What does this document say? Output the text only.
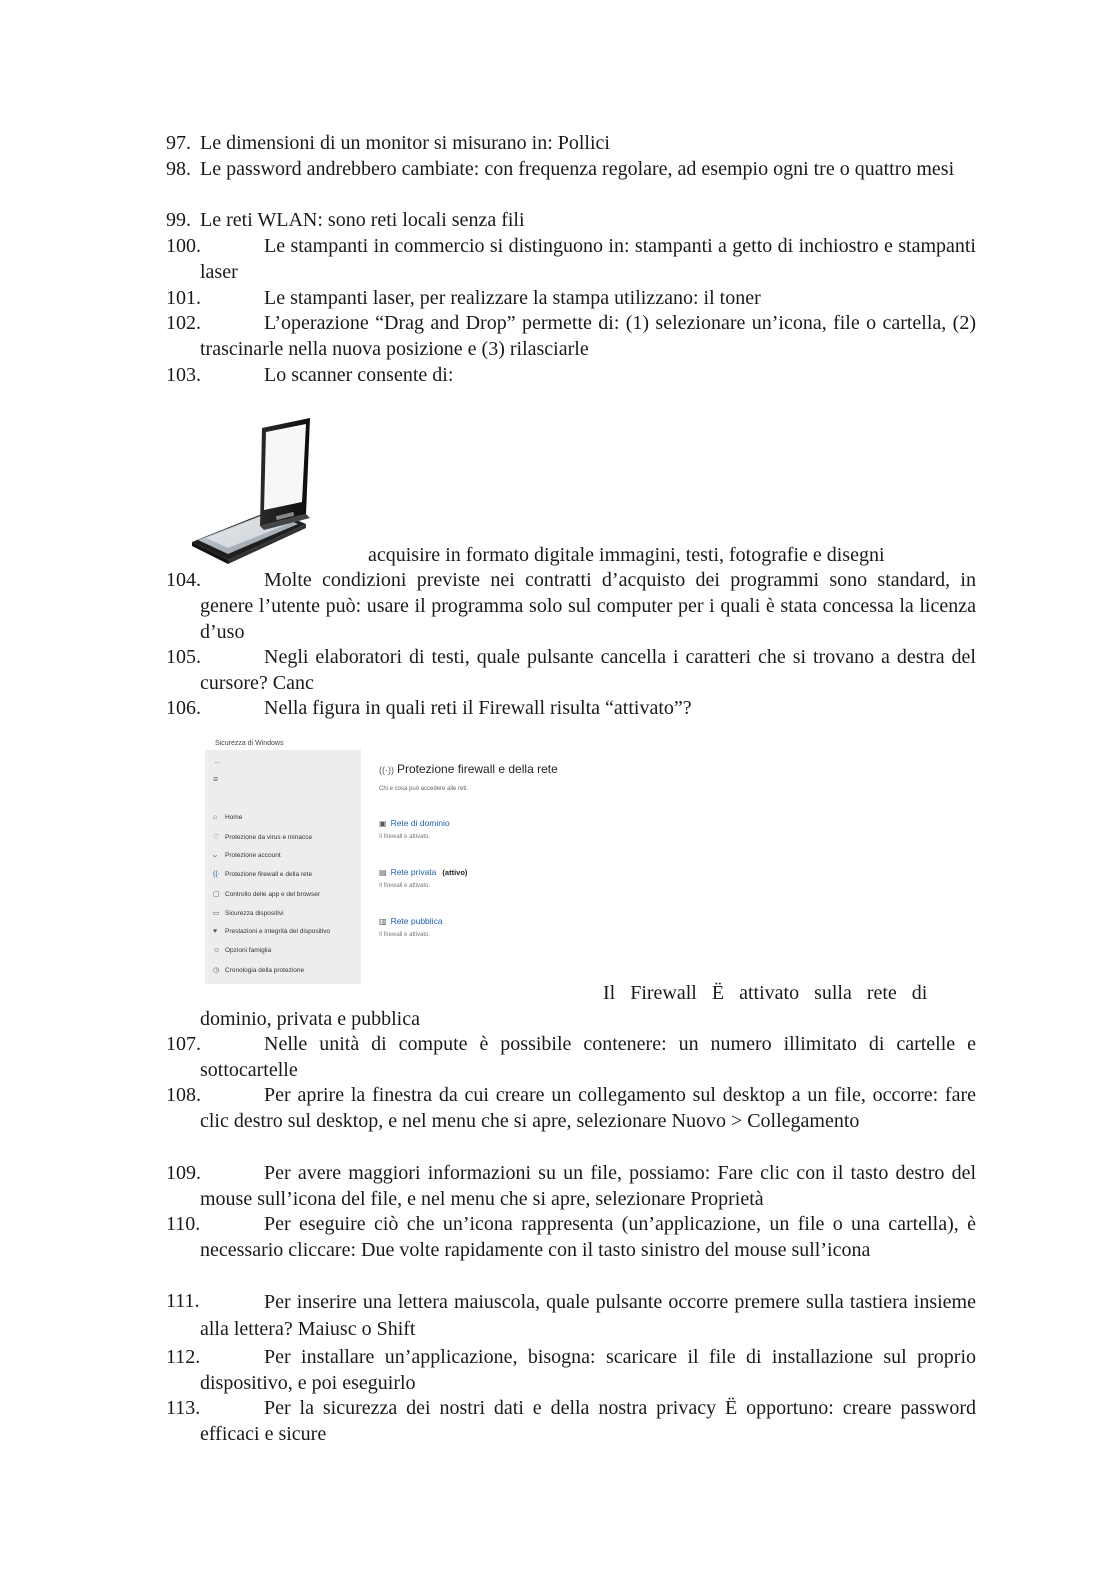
97. Le dimensioni di un monitor si misurano in: Pollici
98. Le password andrebbero cambiate: con frequenza regolare, ad esempio ogni tre o quattro mesi
99. Le reti WLAN: sono reti locali senza fili
100.	Le stampanti in commercio si distinguono in: stampanti a getto di inchiostro e stampanti laser
101.	Le stampanti laser, per realizzare la stampa utilizzano: il toner
102.	L’operazione “Drag and Drop” permette di: (1) selezionare un’icona, file o cartella, (2) trascinarle nella nuova posizione e (3) rilasciarle
103.	Lo scanner consente di:
acquisire in formato digitale immagini, testi, fotografie e disegni
104.	Molte condizioni previste nei contratti d’acquisto dei programmi sono standard, in genere l’utente può: usare il programma solo sul computer per i quali è stata concessa la licenza d’uso
105.	Negli elaboratori di testi, quale pulsante cancella i caratteri che si trovano a destra del cursore? Canc
106.	Nella figura in quali reti il Firewall risulta “attivato”?
Sicurezza di Windows
←
≡
⌂ Home
♡ Protezione da virus e minacce
ᴗ Protezione account
((· Protezione firewall e della rete
▢ Controllo delle app e del browser
▭ Sicurezza dispositivi
♥ Prestazioni e integrità del dispositivo
☺ Opzioni famiglia
◷ Cronologia della protezione
((·)) Protezione firewall e della rete
Chi e cosa può accedere alle reti.
▣ Rete di dominio
Il firewall è attivato.
▤ Rete privata (attivo)
Il firewall è attivato.
▥ Rete pubblica
Il firewall è attivato.
Il Firewall Ë attivato sulla rete di
dominio, privata e pubblica
107.	Nelle unità di compute è possibile contenere: un numero illimitato di cartelle e sottocartelle
108.	Per aprire la finestra da cui creare un collegamento sul desktop a un file, occorre: fare clic destro sul desktop, e nel menu che si apre, selezionare Nuovo > Collegamento
109.	Per avere maggiori informazioni su un file, possiamo: Fare clic con il tasto destro del mouse sull’icona del file, e nel menu che si apre, selezionare Proprietà
110.	Per eseguire ciò che un’icona rappresenta (un’applicazione, un file o una cartella), è necessario cliccare: Due volte rapidamente con il tasto sinistro del mouse sull’icona
111.	Per inserire una lettera maiuscola, quale pulsante occorre premere sulla tastiera insieme alla lettera? Maiusc o Shift
112.	Per installare un’applicazione, bisogna: scaricare il file di installazione sul proprio dispositivo, e poi eseguirlo
113.	Per la sicurezza dei nostri dati e della nostra privacy Ë opportuno: creare password efficaci e sicure
